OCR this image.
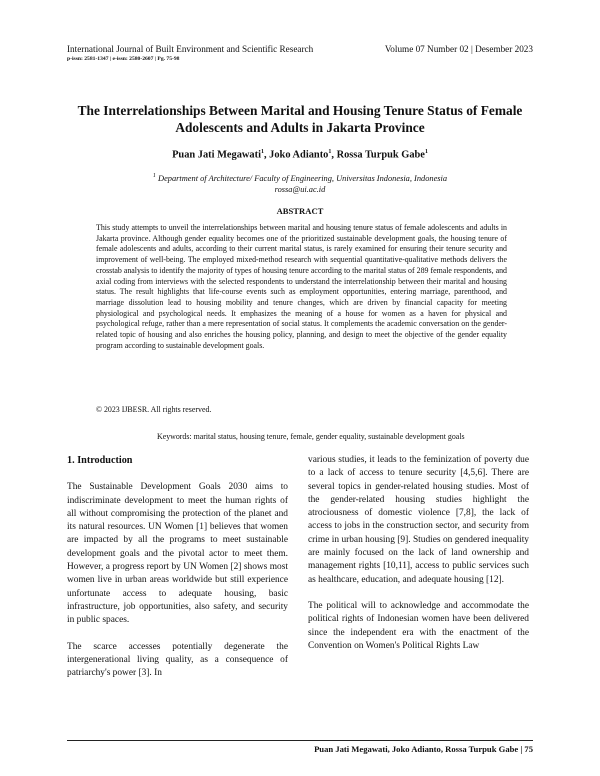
International Journal of Built Environment and Scientific Research	Volume 07 Number 02 | Desember 2023
p-issn: 2581-1347 | e-issn: 2580-2607 | Pg. 75-98
The Interrelationships Between Marital and Housing Tenure Status of Female Adolescents and Adults in Jakarta Province
Puan Jati Megawati$^1$, Joko Adianto$^1$, Rossa Turpuk Gabe$^1$
$^1$ Department of Architecture/ Faculty of Engineering, Universitas Indonesia, Indonesia
rossa@ui.ac.id
ABSTRACT
This study attempts to unveil the interrelationships between marital and housing tenure status of female adolescents and adults in Jakarta province. Although gender equality becomes one of the prioritized sustainable development goals, the housing tenure of female adolescents and adults, according to their current marital status, is rarely examined for ensuring their tenure security and improvement of well-being. The employed mixed-method research with sequential quantitative-qualitative methods delivers the crosstab analysis to identify the majority of types of housing tenure according to the marital status of 289 female respondents, and axial coding from interviews with the selected respondents to understand the interrelationship between their marital and housing status. The result highlights that life-course events such as employment opportunities, entering marriage, parenthood, and marriage dissolution lead to housing mobility and tenure changes, which are driven by financial capacity for meeting physiological and psychological needs. It emphasizes the meaning of a house for women as a haven for physical and psychological refuge, rather than a mere representation of social status. It complements the academic conversation on the gender-related topic of housing and also enriches the housing policy, planning, and design to meet the objective of the gender equality program according to sustainable development goals.
© 2023 IJBESR. All rights reserved.
Keywords: marital status, housing tenure, female, gender equality, sustainable development goals
1. Introduction

The Sustainable Development Goals 2030 aims to indiscriminate development to meet the human rights of all without compromising the protection of the planet and its natural resources. UN Women [1] believes that women are impacted by all the programs to meet sustainable development goals and the pivotal actor to meet them. However, a progress report by UN Women [2] shows most women live in urban areas worldwide but still experience unfortunate access to adequate housing, basic infrastructure, job opportunities, also safety, and security in public spaces.

The scarce accesses potentially degenerate the intergenerational living quality, as a consequence of patriarchy's power [3]. In

various studies, it leads to the feminization of poverty due to a lack of access to tenure security [4,5,6]. There are several topics in gender-related housing studies. Most of the gender-related housing studies highlight the atrociousness of domestic violence [7,8], the lack of access to jobs in the construction sector, and security from crime in urban housing [9]. Studies on gendered inequality are mainly focused on the lack of land ownership and management rights [10,11], access to public services such as healthcare, education, and adequate housing [12].

The political will to acknowledge and accommodate the political rights of Indonesian women have been delivered since the independent era with the enactment of the Convention on Women's Political Rights Law

Puan Jati Megawati, Joko Adianto, Rossa Turpuk Gabe | 75
